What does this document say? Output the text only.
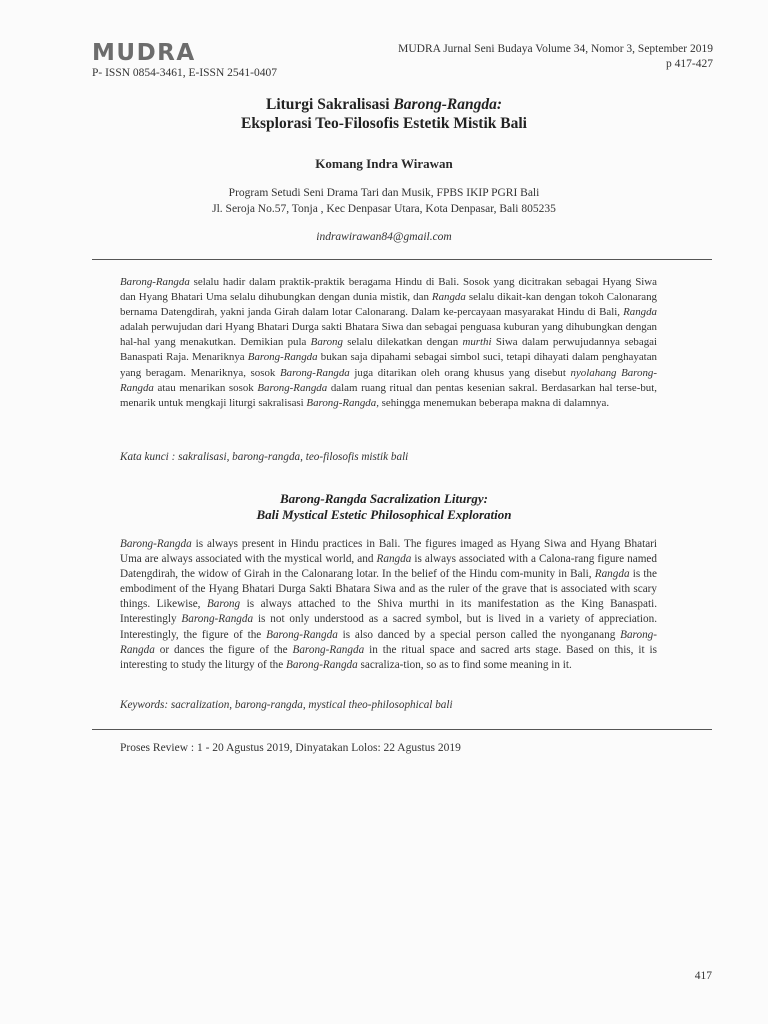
MUDRA
P- ISSN 0854-3461, E-ISSN 2541-0407
MUDRA Jurnal Seni Budaya Volume 34, Nomor 3, September 2019
p 417-427
Liturgi Sakralisasi Barong-Rangda:
Eksplorasi Teo-Filosofis Estetik Mistik Bali
Komang Indra Wirawan
Program Setudi Seni Drama Tari dan Musik, FPBS IKIP PGRI Bali
Jl. Seroja No.57, Tonja , Kec Denpasar Utara, Kota Denpasar, Bali 805235
indrawirawan84@gmail.com
Barong-Rangda selalu hadir dalam praktik-praktik beragama Hindu di Bali. Sosok yang dicitrakan sebagai Hyang Siwa dan Hyang Bhatari Uma selalu dihubungkan dengan dunia mistik, dan Rangda selalu dikait-kan dengan tokoh Calonarang bernama Datengdirah, yakni janda Girah dalam lotar Calonarang. Dalam ke-percayaan masyarakat Hindu di Bali, Rangda adalah perwujudan dari Hyang Bhatari Durga sakti Bhatara Siwa dan sebagai penguasa kuburan yang dihubungkan dengan hal-hal yang menakutkan. Demikian pula Barong selalu dilekatkan dengan murthi Siwa dalam perwujudannya sebagai Banaspati Raja. Menariknya Barong-Rangda bukan saja dipahami sebagai simbol suci, tetapi dihayati dalam penghayatan yang beragam. Menariknya, sosok Barong-Rangda juga ditarikan oleh orang khusus yang disebut nyolahang Barong-Rangda atau menarikan sosok Barong-Rangda dalam ruang ritual dan pentas kesenian sakral. Berdasarkan hal terse-but, menarik untuk mengkaji liturgi sakralisasi Barong-Rangda, sehingga menemukan beberapa makna di dalamnya.
Kata kunci : sakralisasi, barong-rangda, teo-filosofis mistik bali
Barong-Rangda Sacralization Liturgy:
Bali Mystical Estetic Philosophical Exploration
Barong-Rangda is always present in Hindu practices in Bali. The figures imaged as Hyang Siwa and Hyang Bhatari Uma are always associated with the mystical world, and Rangda is always associated with a Calona-rang figure named Datengdirah, the widow of Girah in the Calonarang lotar. In the belief of the Hindu com-munity in Bali, Rangda is the embodiment of the Hyang Bhatari Durga Sakti Bhatara Siwa and as the ruler of the grave that is associated with scary things. Likewise, Barong is always attached to the Shiva murthi in its manifestation as the King Banaspati. Interestingly Barong-Rangda is not only understood as a sacred symbol, but is lived in a variety of appreciation. Interestingly, the figure of the Barong-Rangda is also danced by a special person called the nyonganang Barong-Rangda or dances the figure of the Barong-Rangda in the ritual space and sacred arts stage. Based on this, it is interesting to study the liturgy of the Barong-Rangda sacraliza-tion, so as to find some meaning in it.
Keywords: sacralization, barong-rangda, mystical theo-philosophical bali
Proses Review : 1 - 20 Agustus 2019, Dinyatakan Lolos: 22 Agustus 2019
417
